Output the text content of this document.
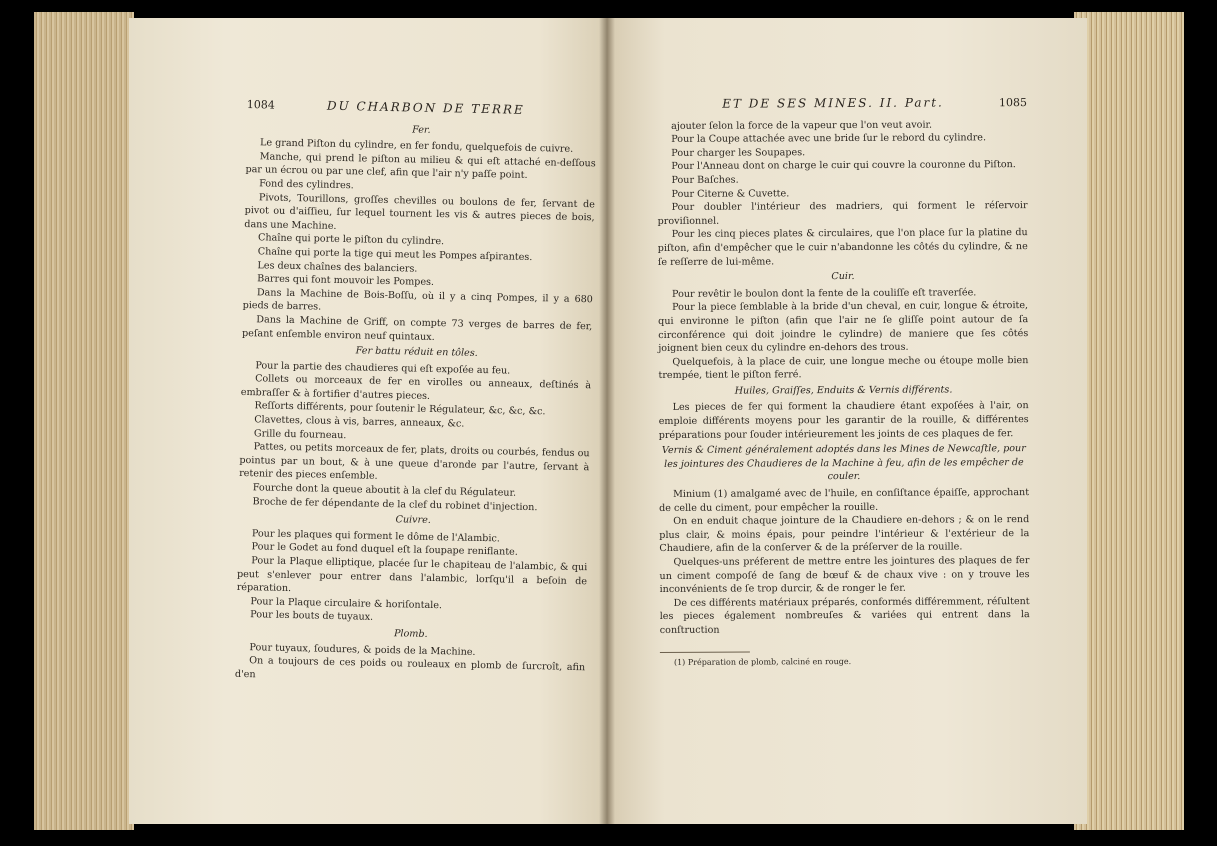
1084	DU CHARBON DE TERRE
Fer.

Le grand Piſton du cylindre, en fer fondu, quelquefois de cuivre.

Manche, qui prend le piſton au milieu & qui eſt attaché en-deſſous par un écrou ou par une clef, afin que l'air n'y paſſe point.

Fond des cylindres.

Pivots, Tourillons, groſſes chevilles ou boulons de fer, ſervant de pivot ou d'aiſſieu, ſur lequel tournent les vis & autres pieces de bois, dans une Machine.

Chaîne qui porte le piſton du cylindre.

Chaîne qui porte la tige qui meut les Pompes aſpirantes.

Les deux chaînes des balanciers.

Barres qui font mouvoir les Pompes.

Dans la Machine de Bois-Boſſu, où il y a cinq Pompes, il y a 680 pieds de barres.

Dans la Machine de Griff, on compte 73 verges de barres de fer, peſant enſemble environ neuf quintaux.

Fer battu réduit en tôles.

Pour la partie des chaudieres qui eſt expoſée au feu.

Collets ou morceaux de fer en virolles ou anneaux, deſtinés à embraſſer & à fortifier d'autres pieces.

Reſſorts différents, pour ſoutenir le Régulateur, &c, &c, &c.

Clavettes, clous à vis, barres, anneaux, &c.

Grille du fourneau.

Pattes, ou petits morceaux de fer, plats, droits ou courbés, fendus ou pointus par un bout, & à une queue d'aronde par l'autre, ſervant à retenir des pieces enſemble.

Fourche dont la queue aboutit à la clef du Régulateur.

Broche de fer dépendante de la clef du robinet d'injection.

Cuivre.

Pour les plaques qui forment le dôme de l'Alambic.

Pour le Godet au fond duquel eſt la ſoupape reniflante.

Pour la Plaque elliptique, placée ſur le chapiteau de l'alambic, & qui peut s'enlever pour entrer dans l'alambic, lorſqu'il a beſoin de réparation.

Pour la Plaque circulaire & horiſontale.

Pour les bouts de tuyaux.

Plomb.

Pour tuyaux, ſoudures, & poids de la Machine.

On a toujours de ces poids ou rouleaux en plomb de ſurcroît, afin d'en

ET DE SES MINES. II. Part.	1085

ajouter ſelon la force de la vapeur que l'on veut avoir.

Pour la Coupe attachée avec une bride ſur le rebord du cylindre.

Pour charger les Soupapes.

Pour l'Anneau dont on charge le cuir qui couvre la couronne du Piſton.

Pour Baſches.

Pour Citerne & Cuvette.

Pour doubler l'intérieur des madriers, qui forment le réſervoir proviſionnel.

Pour les cinq pieces plates & circulaires, que l'on place ſur la platine du piſton, afin d'empêcher que le cuir n'abandonne les côtés du cylindre, & ne ſe reſſerre de lui-même.

Cuir.

Pour revêtir le boulon dont la fente de la couliſſe eſt traverſée.

Pour la piece ſemblable à la bride d'un cheval, en cuir, longue & étroite, qui environne le piſton (afin que l'air ne ſe gliſſe point autour de ſa circonférence qui doit joindre le cylindre) de maniere que ſes côtés joignent bien ceux du cylindre en-dehors des trous.

Quelquefois, à la place de cuir, une longue meche ou étoupe molle bien trempée, tient le piſton ferré.

Huiles, Graiſſes, Enduits & Vernis différents.

Les pieces de fer qui forment la chaudiere étant expoſées à l'air, on emploie différents moyens pour les garantir de la rouille, & différentes préparations pour ſouder intérieurement les joints de ces plaques de fer.

Vernis & Ciment généralement adoptés dans les Mines de Newcaſtle, pour les jointures des Chaudieres de la Machine à feu, afin de les empêcher de couler.

Minium (1) amalgamé avec de l'huile, en conſiſtance épaiſſe, approchant de celle du ciment, pour empêcher la rouille.

On en enduit chaque jointure de la Chaudiere en-dehors ; & on le rend plus clair, & moins épais, pour peindre l'intérieur & l'extérieur de la Chaudiere, afin de la conſerver & de la préſerver de la rouille.

Quelques-uns préferent de mettre entre les jointures des plaques de fer un ciment compoſé de ſang de bœuf & de chaux vive : on y trouve les inconvénients de ſe trop durcir, & de ronger le fer.

De ces différents matériaux préparés, conformés différemment, réſultent les pieces également nombreuſes & variées qui entrent dans la conſtruction

(1) Préparation de plomb, calciné en rouge.
